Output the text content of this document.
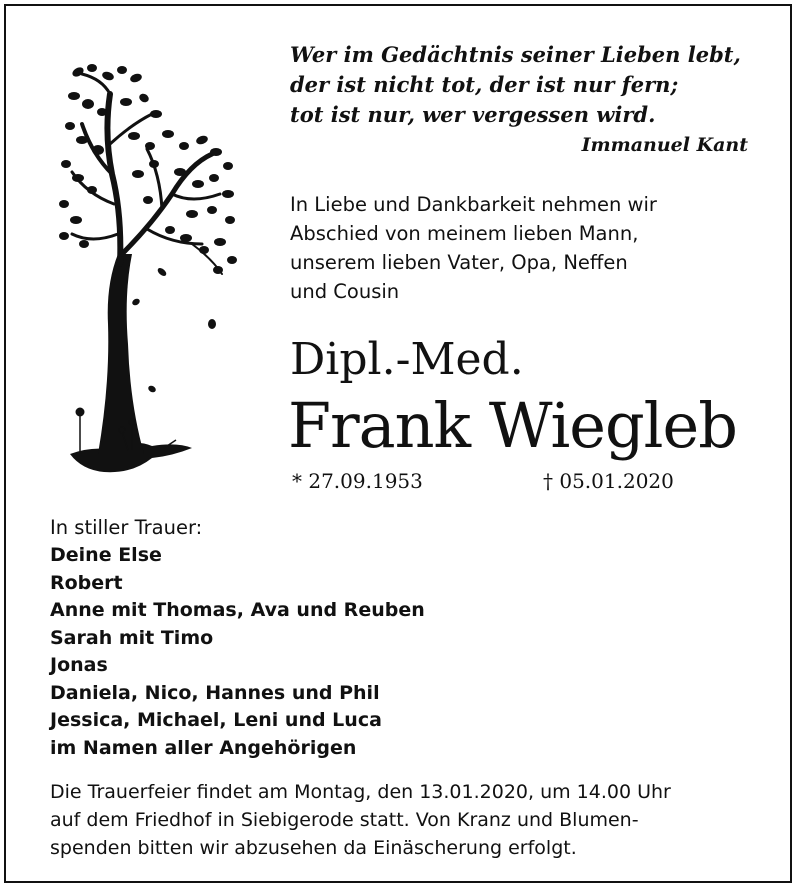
Wer im Gedächtnis seiner Lieben lebt,
der ist nicht tot, der ist nur fern;
tot ist nur, wer vergessen wird.
Immanuel Kant
In Liebe und Dankbarkeit nehmen wir
Abschied von meinem lieben Mann,
unserem lieben Vater, Opa, Neffen
und Cousin
Dipl.-Med.
Frank Wiegleb
* 27.09.1953	† 05.01.2020
In stiller Trauer:
Deine Else
Robert
Anne mit Thomas, Ava und Reuben
Sarah mit Timo
Jonas
Daniela, Nico, Hannes und Phil
Jessica, Michael, Leni und Luca
im Namen aller Angehörigen
Die Trauerfeier findet am Montag, den 13.01.2020, um 14.00 Uhr
auf dem Friedhof in Siebigerode statt. Von Kranz und Blumen-
spenden bitten wir abzusehen da Einäscherung erfolgt.
